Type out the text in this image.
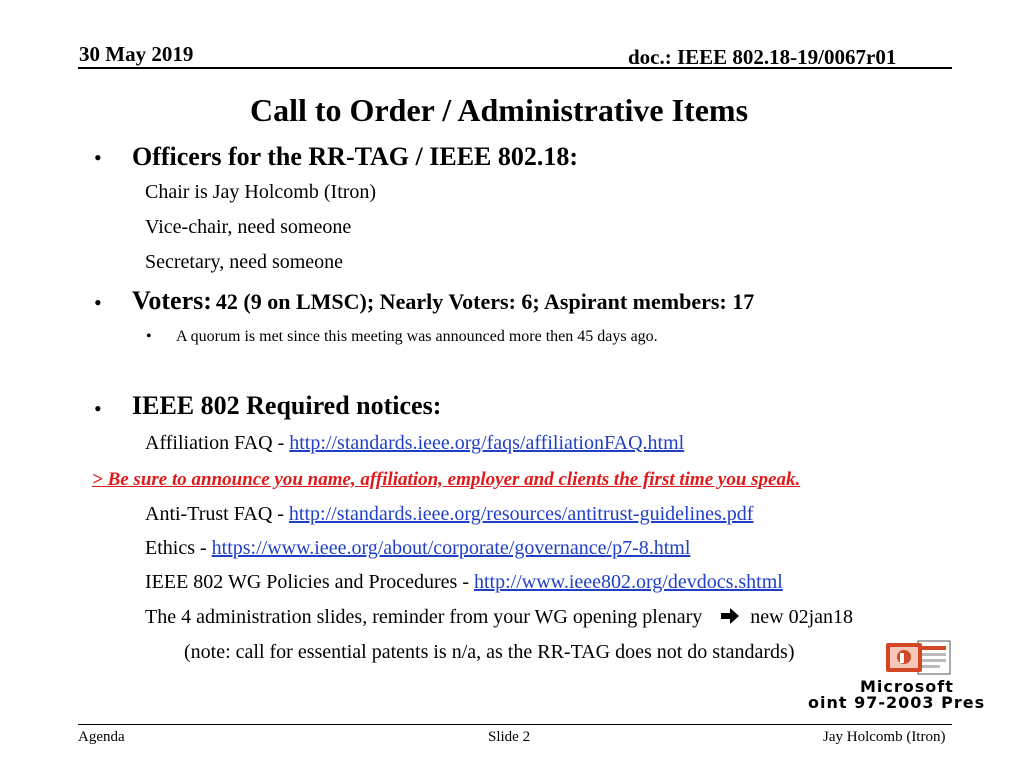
30 May 2019	doc.: IEEE 802.18-19/0067r01
Call to Order / Administrative Items
• Officers for the RR-TAG / IEEE 802.18:
Chair is Jay Holcomb (Itron)
Vice-chair, need someone
Secretary, need someone
• Voters: 42 (9 on LMSC); Nearly Voters: 6; Aspirant members: 17
• A quorum is met since this meeting was announced more then 45 days ago.
• IEEE 802 Required notices:
Affiliation FAQ - http://standards.ieee.org/faqs/affiliationFAQ.html
> Be sure to announce you name, affiliation, employer and clients the first time you speak.
Anti-Trust FAQ - http://standards.ieee.org/resources/antitrust-guidelines.pdf
Ethics - https://www.ieee.org/about/corporate/governance/p7-8.html
IEEE 802 WG Policies and Procedures - http://www.ieee802.org/devdocs.shtml
The 4 administration slides, reminder from your WG opening plenary new 02jan18
(note: call for essential patents is n/a, as the RR-TAG does not do standards)
Microsoft
oint 97-2003 Pres
Agenda	Slide 2	Jay Holcomb (Itron)
